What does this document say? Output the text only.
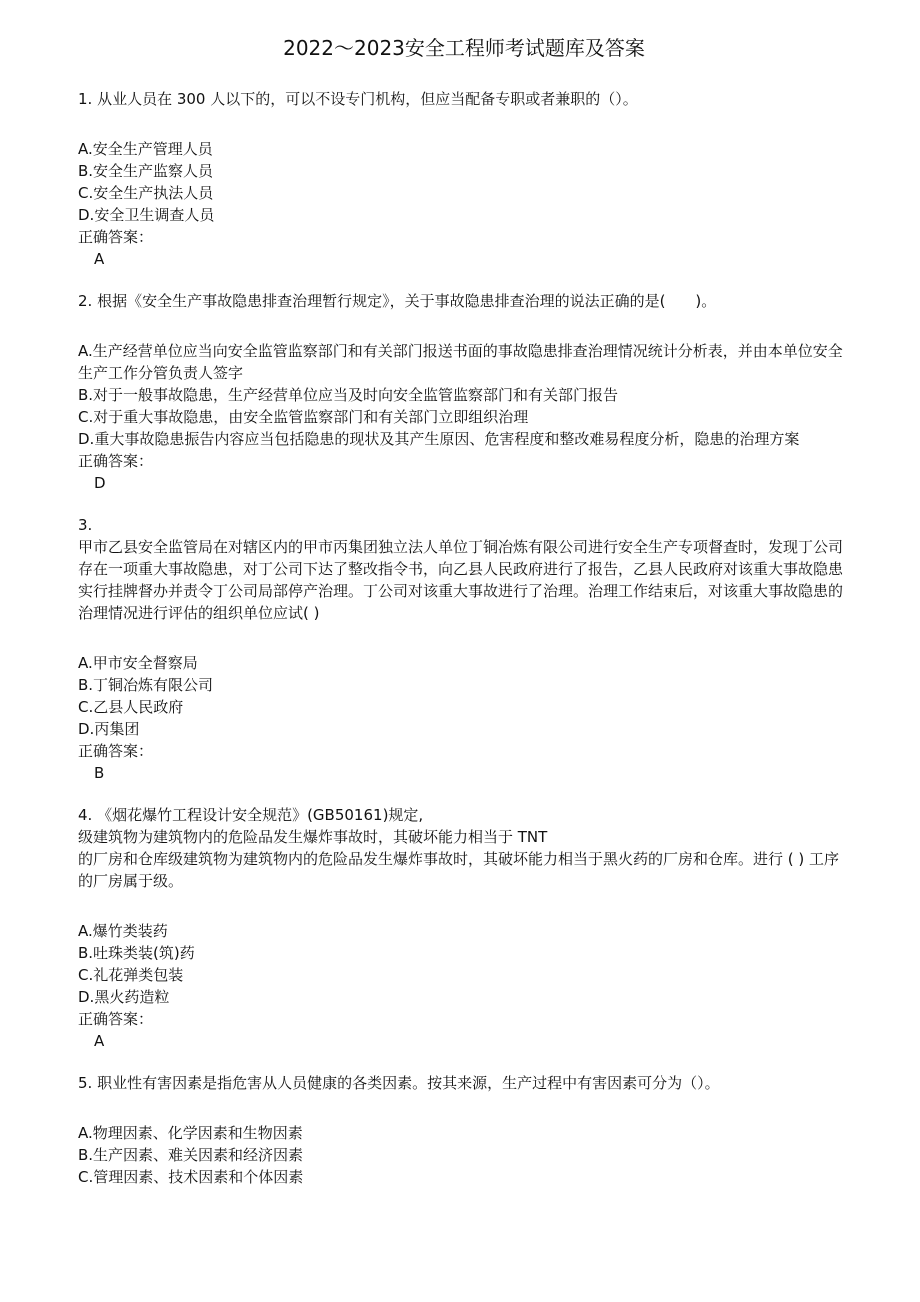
2022～2023安全工程师考试题库及答案
1. 从业人员在 300 人以下的，可以不设专门机构，但应当配备专职或者兼职的（）。
A.安全生产管理人员
B.安全生产监察人员
C.安全生产执法人员
D.安全卫生调查人员
正确答案：
A
2. 根据《安全生产事故隐患排查治理暂行规定》，关于事故隐患排查治理的说法正确的是(　　)。
A.生产经营单位应当向安全监管监察部门和有关部门报送书面的事故隐患排查治理情况统计分析表，并由本单位安全生产工作分管负责人签字
B.对于一般事故隐患，生产经营单位应当及时向安全监管监察部门和有关部门报告
C.对于重大事故隐患，由安全监管监察部门和有关部门立即组织治理
D.重大事故隐患振告内容应当包括隐患的现状及其产生原因、危害程度和整改难易程度分析，隐患的治理方案
正确答案：
D
3.
甲市乙县安全监管局在对辖区内的甲市丙集团独立法人单位丁铜冶炼有限公司进行安全生产专项督查时，发现丁公司存在一项重大事故隐患，对丁公司下达了整改指令书，向乙县人民政府进行了报告，乙县人民政府对该重大事故隐患实行挂牌督办并责令丁公司局部停产治理。丁公司对该重大事故进行了治理。治理工作结束后，对该重大事故隐患的治理情况进行评估的组织单位应试( )
A.甲市安全督察局
B.丁铜冶炼有限公司
C.乙县人民政府
D.丙集团
正确答案：
B
4. 《烟花爆竹工程设计安全规范》(GB50161)规定,
级建筑物为建筑物内的危险品发生爆炸事故时，其破坏能力相当于 TNT
的厂房和仓库级建筑物为建筑物内的危险品发生爆炸事故时，其破坏能力相当于黑火药的厂房和仓库。进行 ( ) 工序的厂房属于级。
A.爆竹类装药
B.吐珠类装(筑)药
C.礼花弹类包装
D.黑火药造粒
正确答案：
A
5. 职业性有害因素是指危害从人员健康的各类因素。按其来源，生产过程中有害因素可分为（）。
A.物理因素、化学因素和生物因素
B.生产因素、难关因素和经济因素
C.管理因素、技术因素和个体因素
